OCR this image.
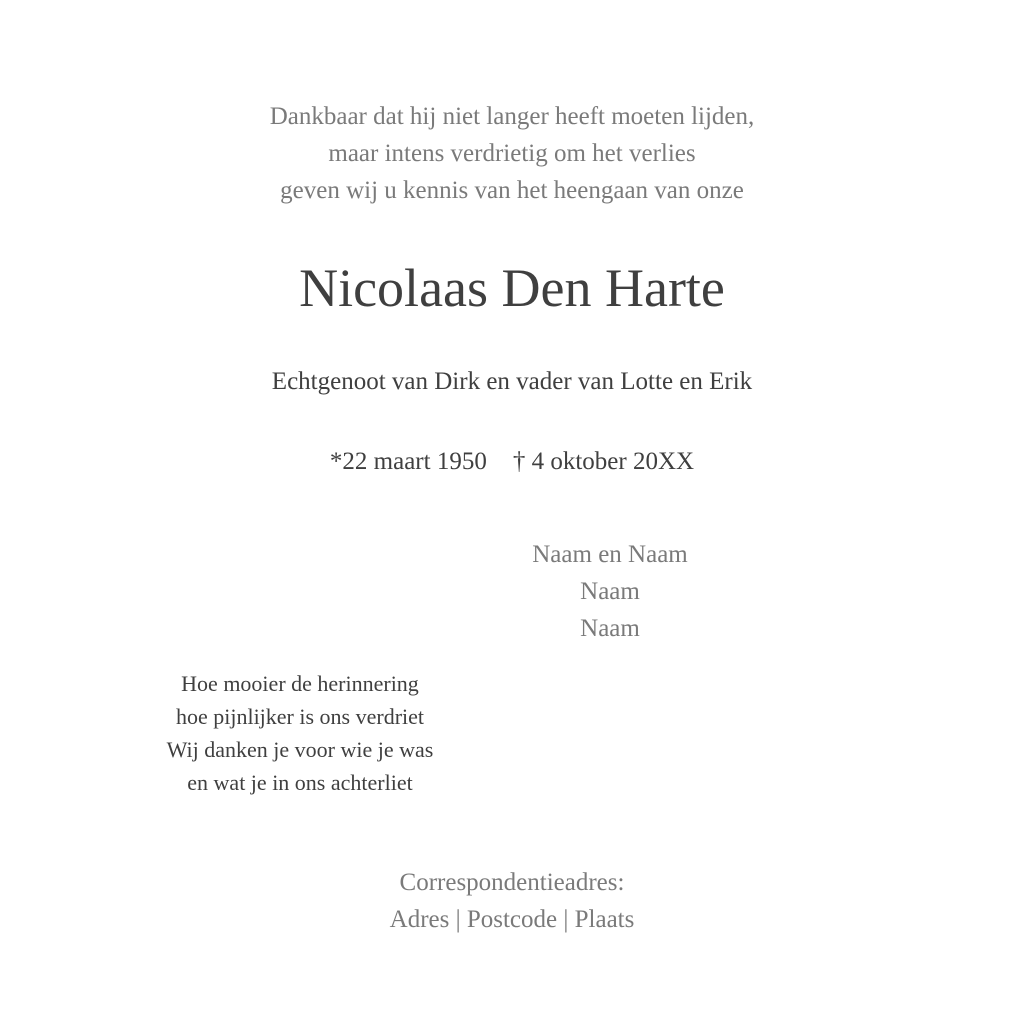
Dankbaar dat hij niet langer heeft moeten lijden,
maar intens verdrietig om het verlies
geven wij u kennis van het heengaan van onze
Nicolaas Den Harte
Echtgenoot van Dirk en vader van Lotte en Erik
*22 maart 1950 † 4 oktober 20XX
Naam en Naam
Naam
Naam
Hoe mooier de herinnering
hoe pijnlijker is ons verdriet
Wij danken je voor wie je was
en wat je in ons achterliet
Correspondentieadres:
Adres | Postcode | Plaats
